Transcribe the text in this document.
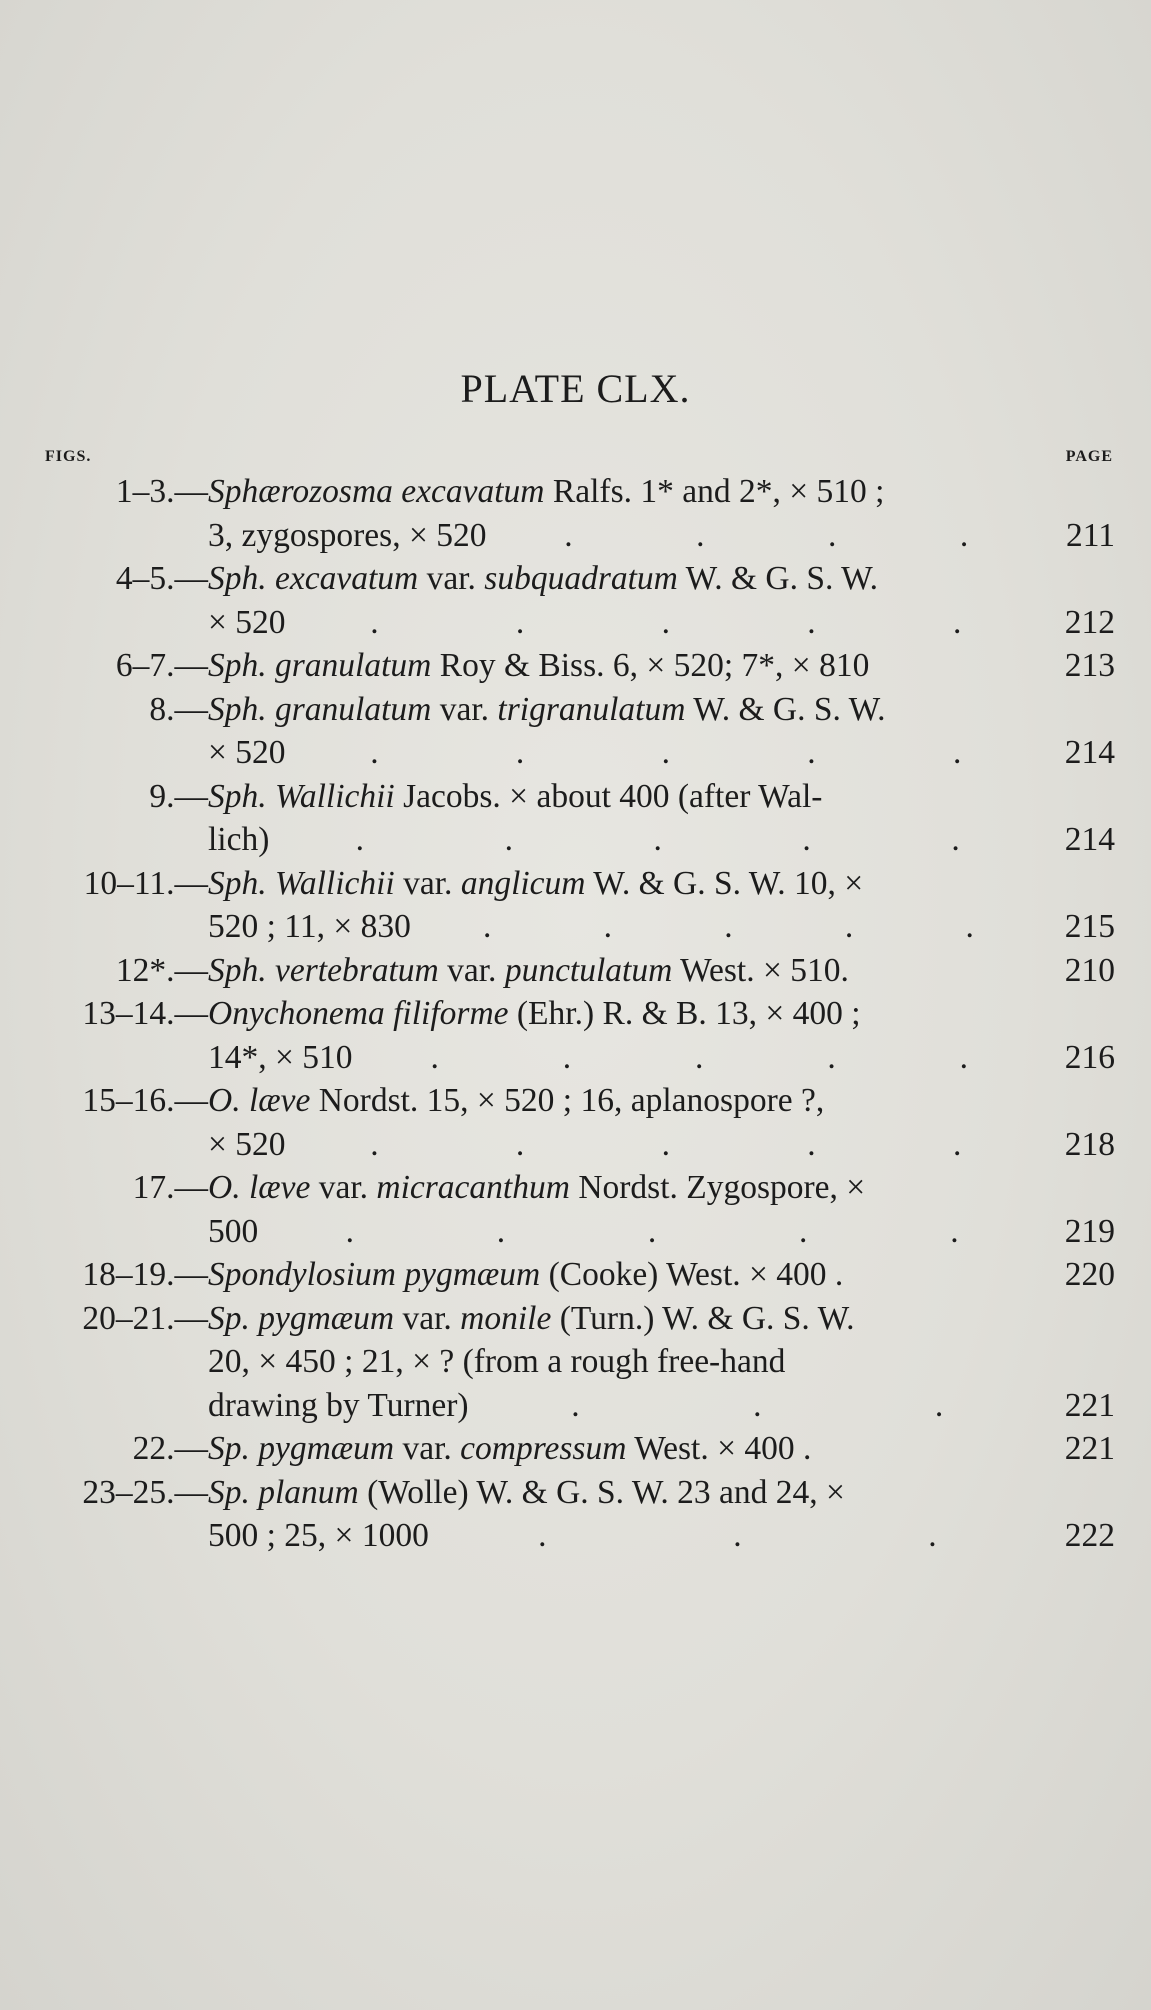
PLATE CLX.
FIGS.	PAGE
1–3.— Sphærozosma excavatum Ralfs. 1* and 2*, × 510 ;
3, zygospores, × 520 .	.	.	.	211
4–5.— Sph. excavatum var. subquadratum W. & G. S. W.
× 520	.	.	.	.	.	212
6–7.— Sph. granulatum Roy & Biss. 6, × 520; 7*, × 810	213
8.— Sph. granulatum var. trigranulatum W. & G. S. W.
× 520	.	.	.	.	.	214
9.— Sph. Wallichii Jacobs. × about 400 (after Wal-
lich)	.	.	.	.	.	214
10–11.— Sph. Wallichii var. anglicum W. & G. S. W. 10, ×
520 ; 11, × 830 .	.	.	.	.	215
12*.— Sph. vertebratum var. punctulatum West. × 510.	210
13–14.— Onychonema filiforme (Ehr.) R. & B. 13, × 400 ;
14*, × 510 .	.	.	.	.	216
15–16.— O. læve Nordst. 15, × 520 ; 16, aplanospore ?,
× 520	.	.	.	.	.	218
17.— O. læve var. micracanthum Nordst. Zygospore, ×
500	.	.	.	.	.	219
18–19.— Spondylosium pygmæum (Cooke) West. × 400 .	220
20–21.— Sp. pygmæum var. monile (Turn.) W. & G. S. W.
20, × 450 ; 21, × ? (from a rough free-hand
drawing by Turner)	.	.	.	221
22.— Sp. pygmæum var. compressum West. × 400 .	221
23–25.— Sp. planum (Wolle) W. & G. S. W. 23 and 24, ×
500 ; 25, × 1000	.	.	.	222
